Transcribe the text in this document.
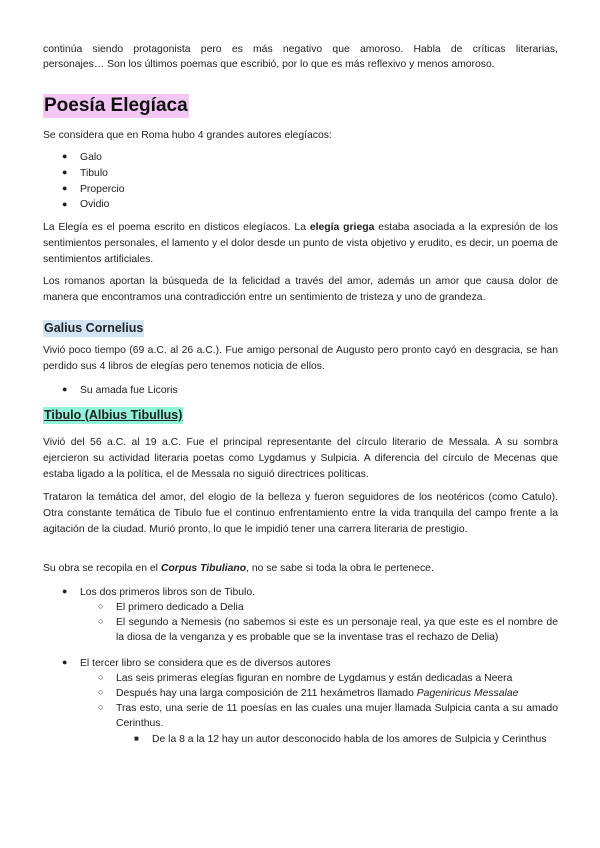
continúa siendo protagonista pero es más negativo que amoroso. Habla de críticas literarias,
personajes… Son los últimos poemas que escribió, por lo que es más reflexivo y menos amoroso.
Poesía Elegíaca
Se considera que en Roma hubo 4 grandes autores elegíacos:
● Galo
● Tibulo
● Propercio
● Ovidio
La Elegía es el poema escrito en dísticos elegíacos. La elegía griega estaba asociada a la expresión de los sentimientos personales, el lamento y el dolor desde un punto de vista objetivo y erudito, es decir, un poema de sentimientos artificiales.
Los romanos aportan la búsqueda de la felicidad a través del amor, además un amor que causa dolor de manera que encontramos una contradicción entre un sentimiento de tristeza y uno de grandeza.
Galius Cornelius
Vivió poco tiempo (69 a.C. al 26 a.C.). Fue amigo personal de Augusto pero pronto cayó en desgracia, se han perdido sus 4 libros de elegías pero tenemos noticia de ellos.
● Su amada fue Licoris
Tibulo (Albius Tibullus)
Vivió del 56 a.C. al 19 a.C. Fue el principal representante del círculo literario de Messala. A su sombra ejercieron su actividad literaria poetas como Lygdamus y Sulpicia. A diferencia del círculo de Mecenas que estaba ligado a la política, el de Messala no siguió directrices políticas.
Trataron la temática del amor, del elogio de la belleza y fueron seguidores de los neotéricos (como Catulo). Otra constante temática de Tibulo fue el continuo enfrentamiento entre la vida tranquila del campo frente a la agitación de la ciudad. Murió pronto, lo que le impidió tener una carrera literaria de prestigio.
Su obra se recopila en el Corpus Tibuliano, no se sabe si toda la obra le pertenece.
● Los dos primeros libros son de Tibulo.
○ El primero dedicado a Delia
○ El segundo a Nemesis (no sabemos si este es un personaje real, ya que este es el nombre de la diosa de la venganza y es probable que se la inventase tras el rechazo de Delia)
● El tercer libro se considera que es de diversos autores
○ Las seis primeras elegías figuran en nombre de Lygdamus y están dedicadas a Neera
○ Después hay una larga composición de 211 hexámetros llamado Pageniricus Messalae
○ Tras esto, una serie de 11 poesías en las cuales una mujer llamada Sulpicia canta a su amado Cerinthus.
■ De la 8 a la 12 hay un autor desconocido habla de los amores de Sulpicia y Cerinthus
